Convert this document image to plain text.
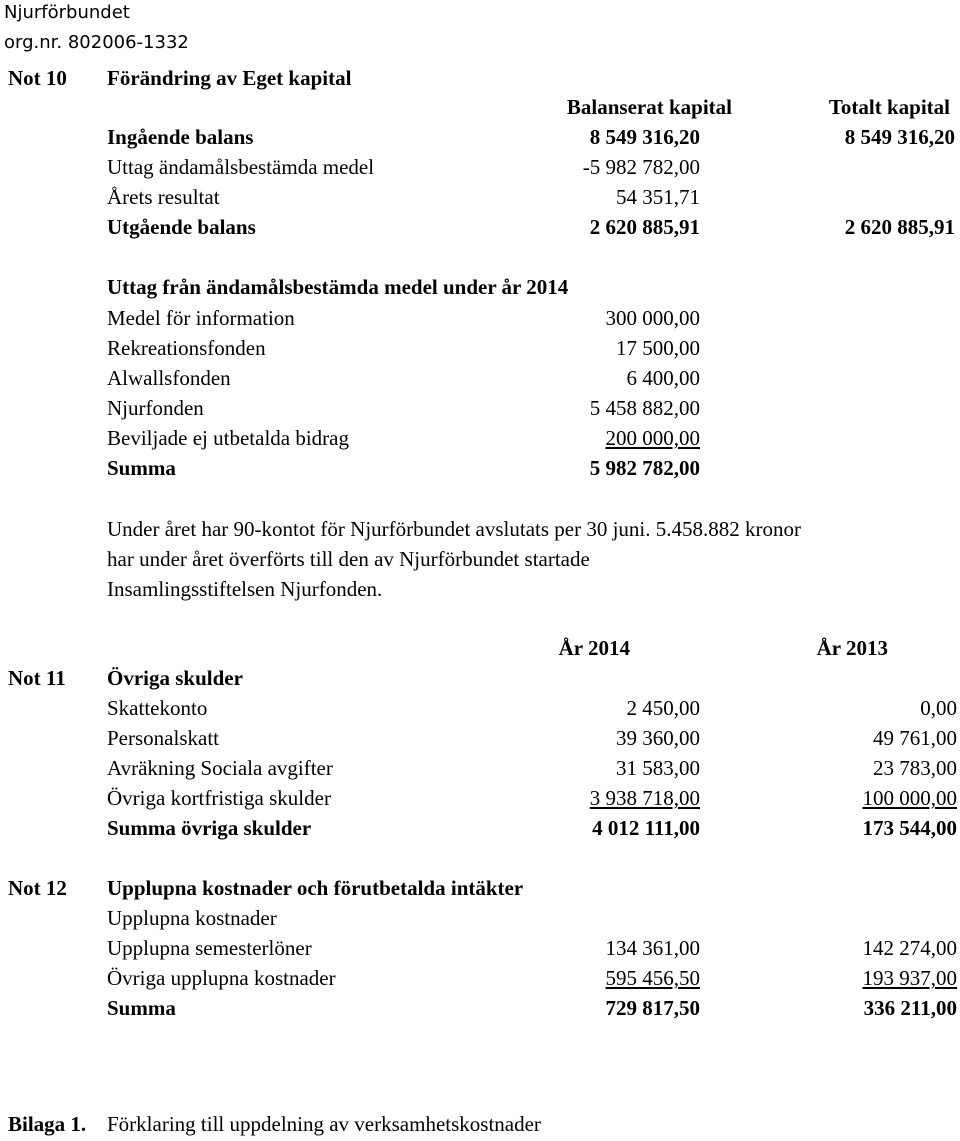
Njurförbundet
org.nr. 802006-1332
Not 10 Förändring av Eget kapital
Balanserat kapital	Totalt kapital
Ingående balans	8 549 316,20	8 549 316,20
Uttag ändamålsbestämda medel	-5 982 782,00
Årets resultat	54 351,71
Utgående balans	2 620 885,91	2 620 885,91
Uttag från ändamålsbestämda medel under år 2014
Medel för information	300 000,00
Rekreationsfonden	17 500,00
Alwallsfonden	6 400,00
Njurfonden	5 458 882,00
Beviljade ej utbetalda bidrag	200 000,00
Summa	5 982 782,00
Under året har 90-kontot för Njurförbundet avslutats per 30 juni. 5.458.882 kronor
har under året överförts till den av Njurförbundet startade
Insamlingsstiftelsen Njurfonden.
År 2014	År 2013
Not 11 Övriga skulder
Skattekonto	2 450,00	0,00
Personalskatt	39 360,00	49 761,00
Avräkning Sociala avgifter	31 583,00	23 783,00
Övriga kortfristiga skulder	3 938 718,00	100 000,00
Summa övriga skulder	4 012 111,00	173 544,00
Not 12 Upplupna kostnader och förutbetalda intäkter
Upplupna kostnader
Upplupna semesterlöner	134 361,00	142 274,00
Övriga upplupna kostnader	595 456,50	193 937,00
Summa	729 817,50	336 211,00
Bilaga 1. Förklaring till uppdelning av verksamhetskostnader
